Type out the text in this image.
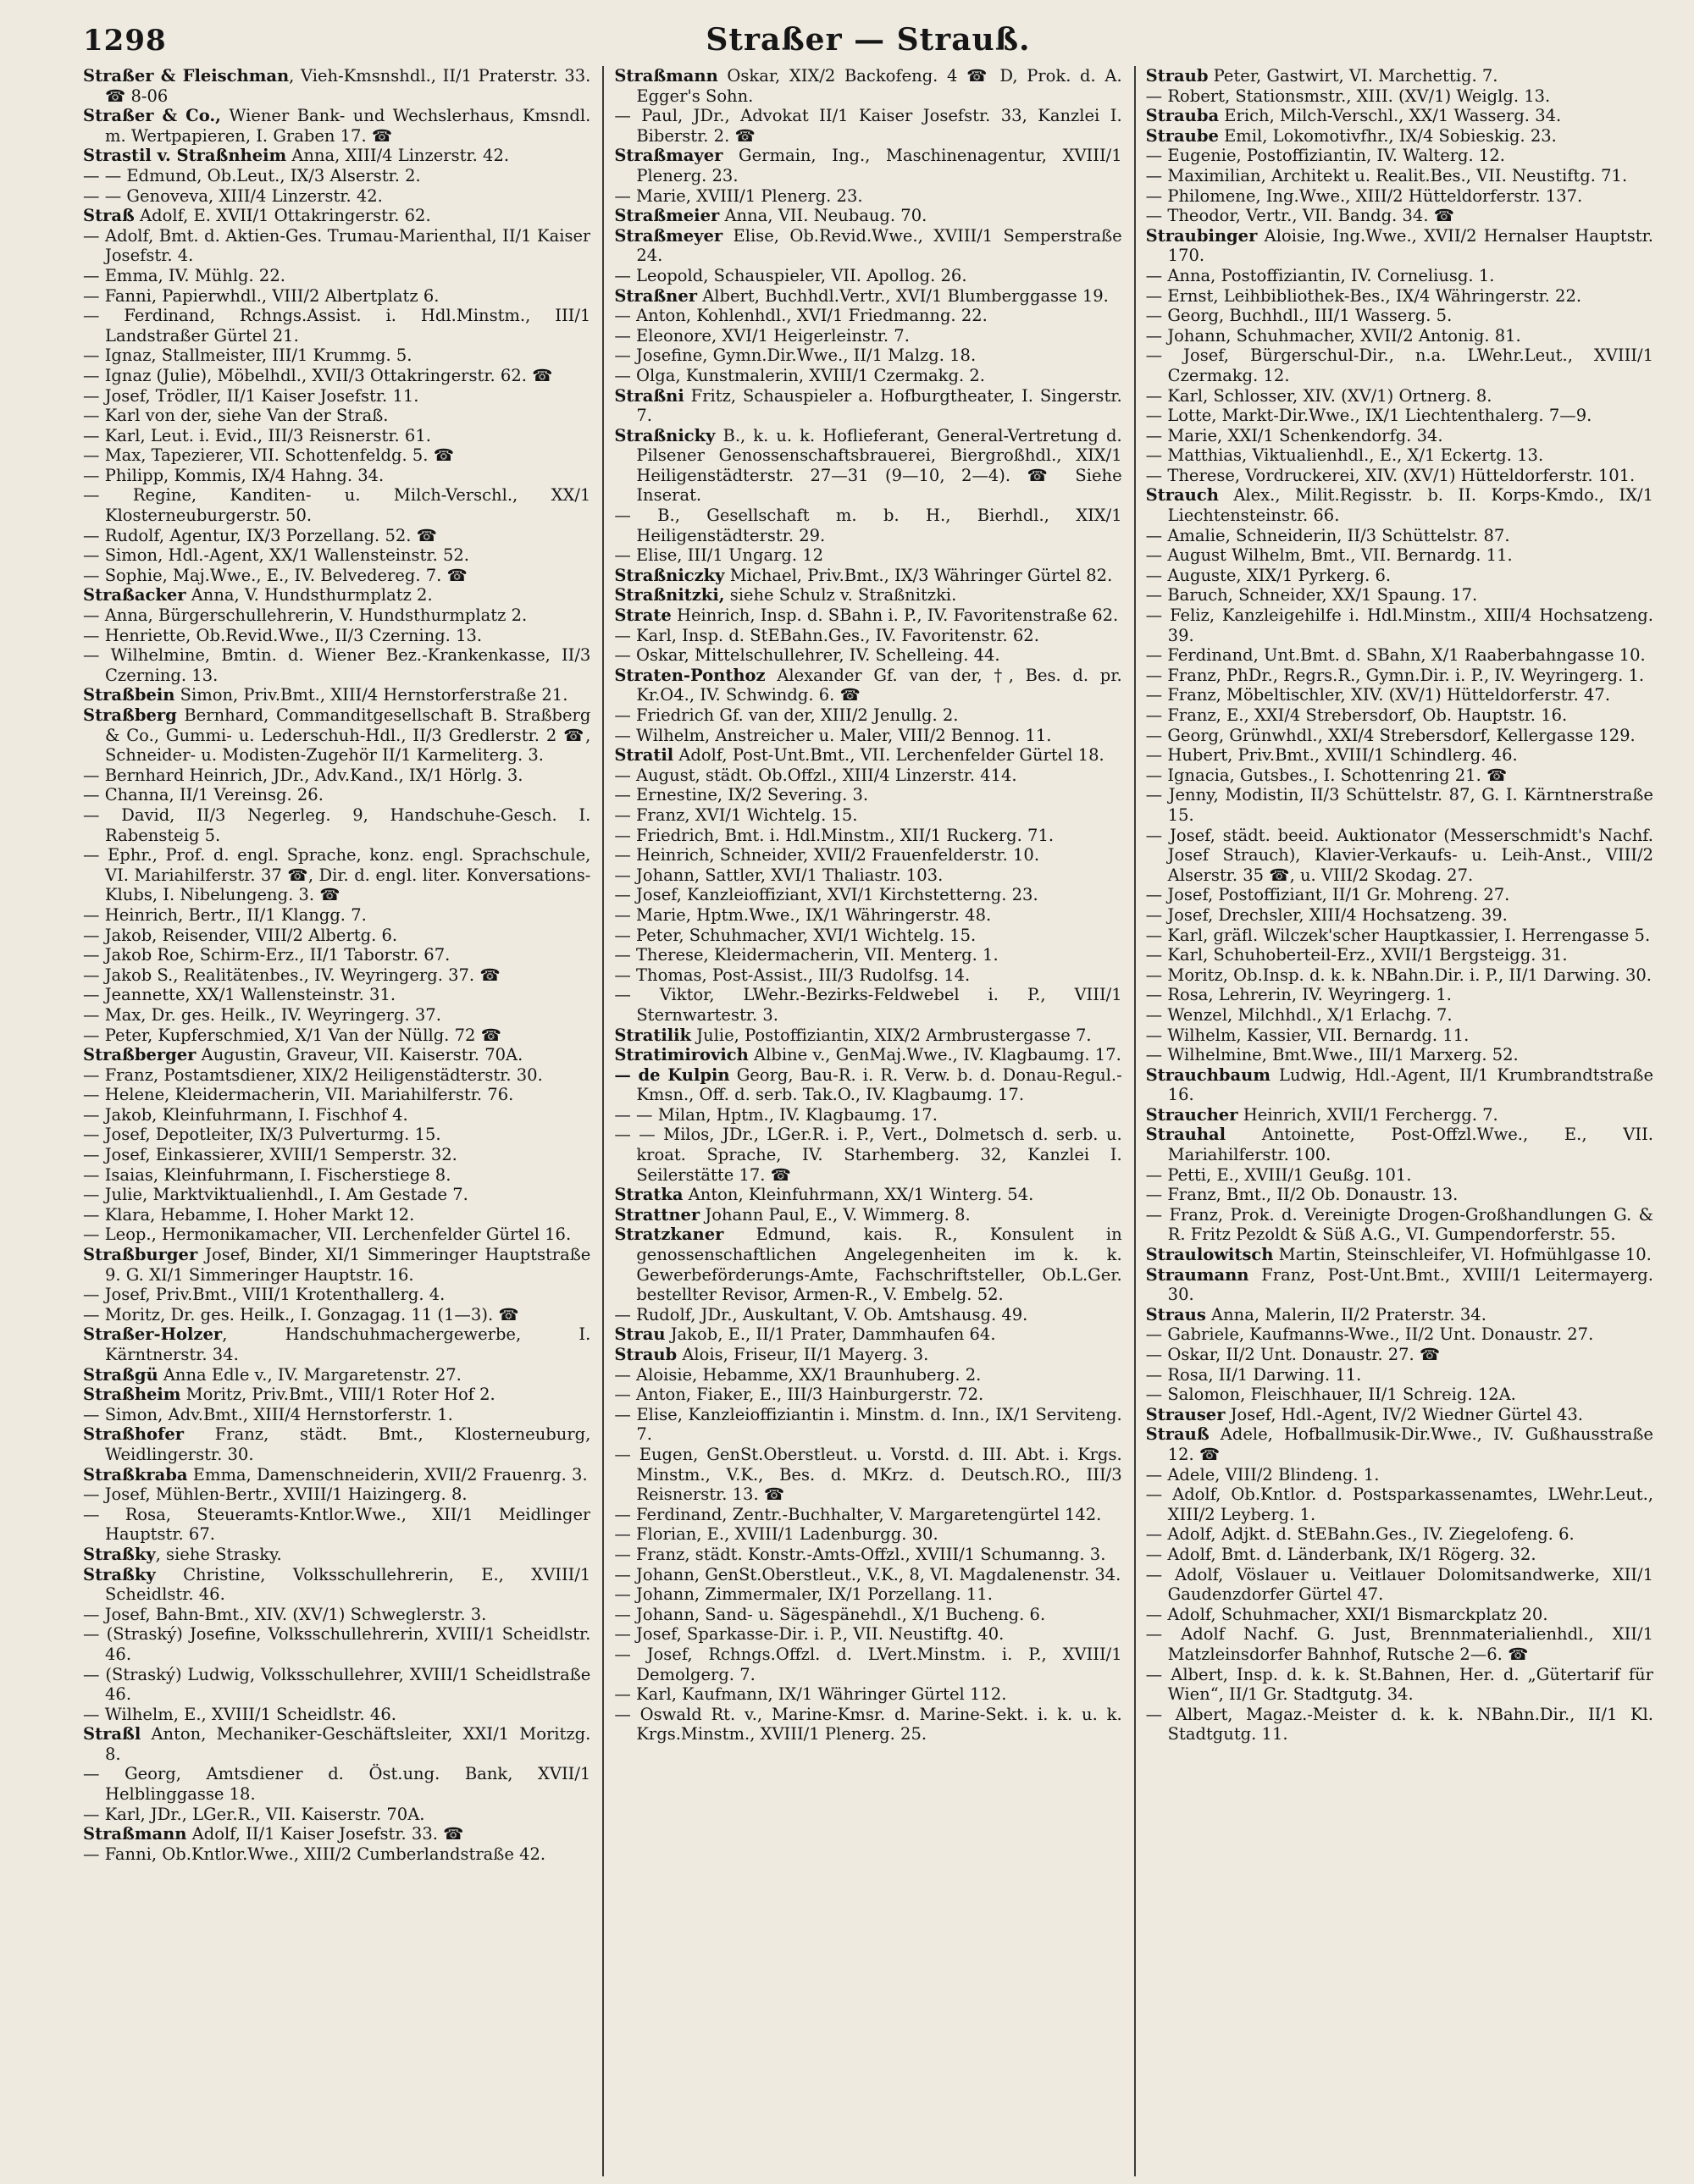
1298	Straßer — Strauß.
Straßer & Fleischman, Vieh-Kmsnshdl., II/1 Praterstr. 33. ☎ 8-06
Straßer & Co., Wiener Bank- und Wechslerhaus, Kmsndl. m. Wertpapieren, I. Graben 17. ☎
Strastil v. Straßnheim Anna, XIII/4 Linzerstr. 42.
— — Edmund, Ob.Leut., IX/3 Alserstr. 2.
— — Genoveva, XIII/4 Linzerstr. 42.
Straß Adolf, E. XVII/1 Ottakringerstr. 62.
— Adolf, Bmt. d. Aktien-Ges. Trumau-Marienthal, II/1 Kaiser Josefstr. 4.
— Emma, IV. Mühlg. 22.
— Fanni, Papierwhdl., VIII/2 Albertplatz 6.
— Ferdinand, Rchngs.Assist. i. Hdl.Minstm., III/1 Landstraßer Gürtel 21.
— Ignaz, Stallmeister, III/1 Krummg. 5.
— Ignaz (Julie), Möbelhdl., XVII/3 Ottakringerstr. 62. ☎
— Josef, Trödler, II/1 Kaiser Josefstr. 11.
— Karl von der, siehe Van der Straß.
— Karl, Leut. i. Evid., III/3 Reisnerstr. 61.
— Max, Tapezierer, VII. Schottenfeldg. 5. ☎
— Philipp, Kommis, IX/4 Hahng. 34.
— Regine, Kanditen- u. Milch-Verschl., XX/1 Klosterneuburgerstr. 50.
— Rudolf, Agentur, IX/3 Porzellang. 52. ☎
— Simon, Hdl.-Agent, XX/1 Wallensteinstr. 52.
— Sophie, Maj.Wwe., E., IV. Belvedereg. 7. ☎
Straßacker Anna, V. Hundsthurmplatz 2.
— Anna, Bürgerschullehrerin, V. Hundsthurmplatz 2.
— Henriette, Ob.Revid.Wwe., II/3 Czerning. 13.
— Wilhelmine, Bmtin. d. Wiener Bez.-Krankenkasse, II/3 Czerning. 13.
Straßbein Simon, Priv.Bmt., XIII/4 Hernstorferstraße 21.
Straßberg Bernhard, Commanditgesellschaft B. Straßberg & Co., Gummi- u. Lederschuh-Hdl., II/3 Gredlerstr. 2 ☎, Schneider- u. Modisten-Zugehör II/1 Karmeliterg. 3.
— Bernhard Heinrich, JDr., Adv.Kand., IX/1 Hörlg. 3.
— Channa, II/1 Vereinsg. 26.
— David, II/3 Negerleg. 9, Handschuhe-Gesch. I. Rabensteig 5.
— Ephr., Prof. d. engl. Sprache, konz. engl. Sprachschule, VI. Mariahilferstr. 37 ☎, Dir. d. engl. liter. Konversations-Klubs, I. Nibelungeng. 3. ☎
— Heinrich, Bertr., II/1 Klangg. 7.
— Jakob, Reisender, VIII/2 Albertg. 6.
— Jakob Roe, Schirm-Erz., II/1 Taborstr. 67.
— Jakob S., Realitätenbes., IV. Weyringerg. 37. ☎
— Jeannette, XX/1 Wallensteinstr. 31.
— Max, Dr. ges. Heilk., IV. Weyringerg. 37.
— Peter, Kupferschmied, X/1 Van der Nüllg. 72 ☎
Straßberger Augustin, Graveur, VII. Kaiserstr. 70A.
— Franz, Postamtsdiener, XIX/2 Heiligenstädterstr. 30.
— Helene, Kleidermacherin, VII. Mariahilferstr. 76.
— Jakob, Kleinfuhrmann, I. Fischhof 4.
— Josef, Depotleiter, IX/3 Pulverturmg. 15.
— Josef, Einkassierer, XVIII/1 Semperstr. 32.
— Isaias, Kleinfuhrmann, I. Fischerstiege 8.
— Julie, Marktviktualienhdl., I. Am Gestade 7.
— Klara, Hebamme, I. Hoher Markt 12.
— Leop., Hermonikamacher, VII. Lerchenfelder Gürtel 16.
Straßburger Josef, Binder, XI/1 Simmeringer Hauptstraße 9. G. XI/1 Simmeringer Hauptstr. 16.
— Josef, Priv.Bmt., VIII/1 Krotenthallerg. 4.
— Moritz, Dr. ges. Heilk., I. Gonzagag. 11 (1—3). ☎
Straßer-Holzer, Handschuhmachergewerbe, I. Kärntnerstr. 34.
Straßgü Anna Edle v., IV. Margaretenstr. 27.
Straßheim Moritz, Priv.Bmt., VIII/1 Roter Hof 2.
— Simon, Adv.Bmt., XIII/4 Hernstorferstr. 1.
Straßhofer Franz, städt. Bmt., Klosterneuburg, Weidlingerstr. 30.
Straßkraba Emma, Damenschneiderin, XVII/2 Frauenrg. 3.
— Josef, Mühlen-Bertr., XVIII/1 Haizingerg. 8.
— Rosa, Steueramts-Kntlor.Wwe., XII/1 Meidlinger Hauptstr. 67.
Straßky, siehe Strasky.
Straßky Christine, Volksschullehrerin, E., XVIII/1 Scheidlstr. 46.
— Josef, Bahn-Bmt., XIV. (XV/1) Schweglerstr. 3.
— (Straský) Josefine, Volksschullehrerin, XVIII/1 Scheidlstr. 46.
— (Straský) Ludwig, Volksschullehrer, XVIII/1 Scheidlstraße 46.
— Wilhelm, E., XVIII/1 Scheidlstr. 46.
Straßl Anton, Mechaniker-Geschäftsleiter, XXI/1 Moritzg. 8.
— Georg, Amtsdiener d. Öst.ung. Bank, XVII/1 Helblinggasse 18.
— Karl, JDr., LGer.R., VII. Kaiserstr. 70A.
Straßmann Adolf, II/1 Kaiser Josefstr. 33. ☎
— Fanni, Ob.Kntlor.Wwe., XIII/2 Cumberlandstraße 42.
Straßmann Oskar, XIX/2 Backofeng. 4 ☎ D, Prok. d. A. Egger's Sohn.
— Paul, JDr., Advokat II/1 Kaiser Josefstr. 33, Kanzlei I. Biberstr. 2. ☎
Straßmayer Germain, Ing., Maschinenagentur, XVIII/1 Plenerg. 23.
— Marie, XVIII/1 Plenerg. 23.
Straßmeier Anna, VII. Neubaug. 70.
Straßmeyer Elise, Ob.Revid.Wwe., XVIII/1 Semperstraße 24.
— Leopold, Schauspieler, VII. Apollog. 26.
Straßner Albert, Buchhdl.Vertr., XVI/1 Blumberggasse 19.
— Anton, Kohlenhdl., XVI/1 Friedmanng. 22.
— Eleonore, XVI/1 Heigerleinstr. 7.
— Josefine, Gymn.Dir.Wwe., II/1 Malzg. 18.
— Olga, Kunstmalerin, XVIII/1 Czermakg. 2.
Straßni Fritz, Schauspieler a. Hofburgtheater, I. Singerstr. 7.
Straßnicky B., k. u. k. Hoflieferant, General-Vertretung d. Pilsener Genossenschaftsbrauerei, Biergroßhdl., XIX/1 Heiligenstädterstr. 27—31 (9—10, 2—4). ☎ Siehe Inserat.
— B., Gesellschaft m. b. H., Bierhdl., XIX/1 Heiligenstädterstr. 29.
— Elise, III/1 Ungarg. 12
Straßniczky Michael, Priv.Bmt., IX/3 Währinger Gürtel 82.
Straßnitzki, siehe Schulz v. Straßnitzki.
Strate Heinrich, Insp. d. SBahn i. P., IV. Favoritenstraße 62.
— Karl, Insp. d. StEBahn.Ges., IV. Favoritenstr. 62.
— Oskar, Mittelschullehrer, IV. Schelleing. 44.
Straten-Ponthoz Alexander Gf. van der, †, Bes. d. pr. Kr.O4., IV. Schwindg. 6. ☎
— Friedrich Gf. van der, XIII/2 Jenullg. 2.
— Wilhelm, Anstreicher u. Maler, VIII/2 Bennog. 11.
Stratil Adolf, Post-Unt.Bmt., VII. Lerchenfelder Gürtel 18.
— August, städt. Ob.Offzl., XIII/4 Linzerstr. 414.
— Ernestine, IX/2 Severing. 3.
— Franz, XVI/1 Wichtelg. 15.
— Friedrich, Bmt. i. Hdl.Minstm., XII/1 Ruckerg. 71.
— Heinrich, Schneider, XVII/2 Frauenfelderstr. 10.
— Johann, Sattler, XVI/1 Thaliastr. 103.
— Josef, Kanzleioffiziant, XVI/1 Kirchstetterng. 23.
— Marie, Hptm.Wwe., IX/1 Währingerstr. 48.
— Peter, Schuhmacher, XVI/1 Wichtelg. 15.
— Therese, Kleidermacherin, VII. Menterg. 1.
— Thomas, Post-Assist., III/3 Rudolfsg. 14.
— Viktor, LWehr.-Bezirks-Feldwebel i. P., VIII/1 Sternwartestr. 3.
Stratilik Julie, Postoffiziantin, XIX/2 Armbrustergasse 7.
Stratimirovich Albine v., GenMaj.Wwe., IV. Klagbaumg. 17.
— de Kulpin Georg, Bau-R. i. R. Verw. b. d. Donau-Regul.-Kmsn., Off. d. serb. Tak.O., IV. Klagbaumg. 17.
— — Milan, Hptm., IV. Klagbaumg. 17.
— — Milos, JDr., LGer.R. i. P., Vert., Dolmetsch d. serb. u. kroat. Sprache, IV. Starhemberg. 32, Kanzlei I. Seilerstätte 17. ☎
Stratka Anton, Kleinfuhrmann, XX/1 Winterg. 54.
Strattner Johann Paul, E., V. Wimmerg. 8.
Stratzkaner Edmund, kais. R., Konsulent in genossenschaftlichen Angelegenheiten im k. k. Gewerbeförderungs-Amte, Fachschriftsteller, Ob.L.Ger. bestellter Revisor, Armen-R., V. Embelg. 52.
— Rudolf, JDr., Auskultant, V. Ob. Amtshausg. 49.
Strau Jakob, E., II/1 Prater, Dammhaufen 64.
Straub Alois, Friseur, II/1 Mayerg. 3.
— Aloisie, Hebamme, XX/1 Braunhuberg. 2.
— Anton, Fiaker, E., III/3 Hainburgerstr. 72.
— Elise, Kanzleioffiziantin i. Minstm. d. Inn., IX/1 Serviteng. 7.
— Eugen, GenSt.Oberstleut. u. Vorstd. d. III. Abt. i. Krgs. Minstm., V.K., Bes. d. MKrz. d. Deutsch.RO., III/3 Reisnerstr. 13. ☎
— Ferdinand, Zentr.-Buchhalter, V. Margaretengürtel 142.
— Florian, E., XVIII/1 Ladenburgg. 30.
— Franz, städt. Konstr.-Amts-Offzl., XVIII/1 Schumanng. 3.
— Johann, GenSt.Oberstleut., V.K., 8, VI. Magdalenenstr. 34.
— Johann, Zimmermaler, IX/1 Porzellang. 11.
— Johann, Sand- u. Sägespänehdl., X/1 Bucheng. 6.
— Josef, Sparkasse-Dir. i. P., VII. Neustiftg. 40.
— Josef, Rchngs.Offzl. d. LVert.Minstm. i. P., XVIII/1 Demolgerg. 7.
— Karl, Kaufmann, IX/1 Währinger Gürtel 112.
— Oswald Rt. v., Marine-Kmsr. d. Marine-Sekt. i. k. u. k. Krgs.Minstm., XVIII/1 Plenerg. 25.
Straub Peter, Gastwirt, VI. Marchettig. 7.
— Robert, Stationsmstr., XIII. (XV/1) Weiglg. 13.
Strauba Erich, Milch-Verschl., XX/1 Wasserg. 34.
Straube Emil, Lokomotivfhr., IX/4 Sobieskig. 23.
— Eugenie, Postoffiziantin, IV. Walterg. 12.
— Maximilian, Architekt u. Realit.Bes., VII. Neustiftg. 71.
— Philomene, Ing.Wwe., XIII/2 Hütteldorferstr. 137.
— Theodor, Vertr., VII. Bandg. 34. ☎
Straubinger Aloisie, Ing.Wwe., XVII/2 Hernalser Hauptstr. 170.
— Anna, Postoffiziantin, IV. Corneliusg. 1.
— Ernst, Leihbibliothek-Bes., IX/4 Währingerstr. 22.
— Georg, Buchhdl., III/1 Wasserg. 5.
— Johann, Schuhmacher, XVII/2 Antonig. 81.
— Josef, Bürgerschul-Dir., n.a. LWehr.Leut., XVIII/1 Czermakg. 12.
— Karl, Schlosser, XIV. (XV/1) Ortnerg. 8.
— Lotte, Markt-Dir.Wwe., IX/1 Liechtenthalerg. 7—9.
— Marie, XXI/1 Schenkendorfg. 34.
— Matthias, Viktualienhdl., E., X/1 Eckertg. 13.
— Therese, Vordruckerei, XIV. (XV/1) Hütteldorferstr. 101.
Strauch Alex., Milit.Regisstr. b. II. Korps-Kmdo., IX/1 Liechtensteinstr. 66.
— Amalie, Schneiderin, II/3 Schüttelstr. 87.
— August Wilhelm, Bmt., VII. Bernardg. 11.
— Auguste, XIX/1 Pyrkerg. 6.
— Baruch, Schneider, XX/1 Spaung. 17.
— Feliz, Kanzleigehilfe i. Hdl.Minstm., XIII/4 Hochsatzeng. 39.
— Ferdinand, Unt.Bmt. d. SBahn, X/1 Raaberbahngasse 10.
— Franz, PhDr., Regrs.R., Gymn.Dir. i. P., IV. Weyringerg. 1.
— Franz, Möbeltischler, XIV. (XV/1) Hütteldorferstr. 47.
— Franz, E., XXI/4 Strebersdorf, Ob. Hauptstr. 16.
— Georg, Grünwhdl., XXI/4 Strebersdorf, Kellergasse 129.
— Hubert, Priv.Bmt., XVIII/1 Schindlerg. 46.
— Ignacia, Gutsbes., I. Schottenring 21. ☎
— Jenny, Modistin, II/3 Schüttelstr. 87, G. I. Kärntnerstraße 15.
— Josef, städt. beeid. Auktionator (Messerschmidt's Nachf. Josef Strauch), Klavier-Verkaufs- u. Leih-Anst., VIII/2 Alserstr. 35 ☎, u. VIII/2 Skodag. 27.
— Josef, Postoffiziant, II/1 Gr. Mohreng. 27.
— Josef, Drechsler, XIII/4 Hochsatzeng. 39.
— Karl, gräfl. Wilczek'scher Hauptkassier, I. Herrengasse 5.
— Karl, Schuhoberteil-Erz., XVII/1 Bergsteigg. 31.
— Moritz, Ob.Insp. d. k. k. NBahn.Dir. i. P., II/1 Darwing. 30.
— Rosa, Lehrerin, IV. Weyringerg. 1.
— Wenzel, Milchhdl., X/1 Erlachg. 7.
— Wilhelm, Kassier, VII. Bernardg. 11.
— Wilhelmine, Bmt.Wwe., III/1 Marxerg. 52.
Strauchbaum Ludwig, Hdl.-Agent, II/1 Krumbrandtstraße 16.
Straucher Heinrich, XVII/1 Ferchergg. 7.
Strauhal Antoinette, Post-Offzl.Wwe., E., VII. Mariahilferstr. 100.
— Petti, E., XVIII/1 Geußg. 101.
— Franz, Bmt., II/2 Ob. Donaustr. 13.
— Franz, Prok. d. Vereinigte Drogen-Großhandlungen G. & R. Fritz Pezoldt & Süß A.G., VI. Gumpendorferstr. 55.
Straulowitsch Martin, Steinschleifer, VI. Hofmühlgasse 10.
Straumann Franz, Post-Unt.Bmt., XVIII/1 Leitermayerg. 30.
Straus Anna, Malerin, II/2 Praterstr. 34.
— Gabriele, Kaufmanns-Wwe., II/2 Unt. Donaustr. 27.
— Oskar, II/2 Unt. Donaustr. 27. ☎
— Rosa, II/1 Darwing. 11.
— Salomon, Fleischhauer, II/1 Schreig. 12A.
Strauser Josef, Hdl.-Agent, IV/2 Wiedner Gürtel 43.
Strauß Adele, Hofballmusik-Dir.Wwe., IV. Gußhausstraße 12. ☎
— Adele, VIII/2 Blindeng. 1.
— Adolf, Ob.Kntlor. d. Postsparkassenamtes, LWehr.Leut., XIII/2 Leyberg. 1.
— Adolf, Adjkt. d. StEBahn.Ges., IV. Ziegelofeng. 6.
— Adolf, Bmt. d. Länderbank, IX/1 Rögerg. 32.
— Adolf, Vöslauer u. Veitlauer Dolomitsandwerke, XII/1 Gaudenzdorfer Gürtel 47.
— Adolf, Schuhmacher, XXI/1 Bismarckplatz 20.
— Adolf Nachf. G. Just, Brennmaterialienhdl., XII/1 Matzleinsdorfer Bahnhof, Rutsche 2—6. ☎
— Albert, Insp. d. k. k. St.Bahnen, Her. d. „Gütertarif für Wien“, II/1 Gr. Stadtgutg. 34.
— Albert, Magaz.-Meister d. k. k. NBahn.Dir., II/1 Kl. Stadtgutg. 11.
